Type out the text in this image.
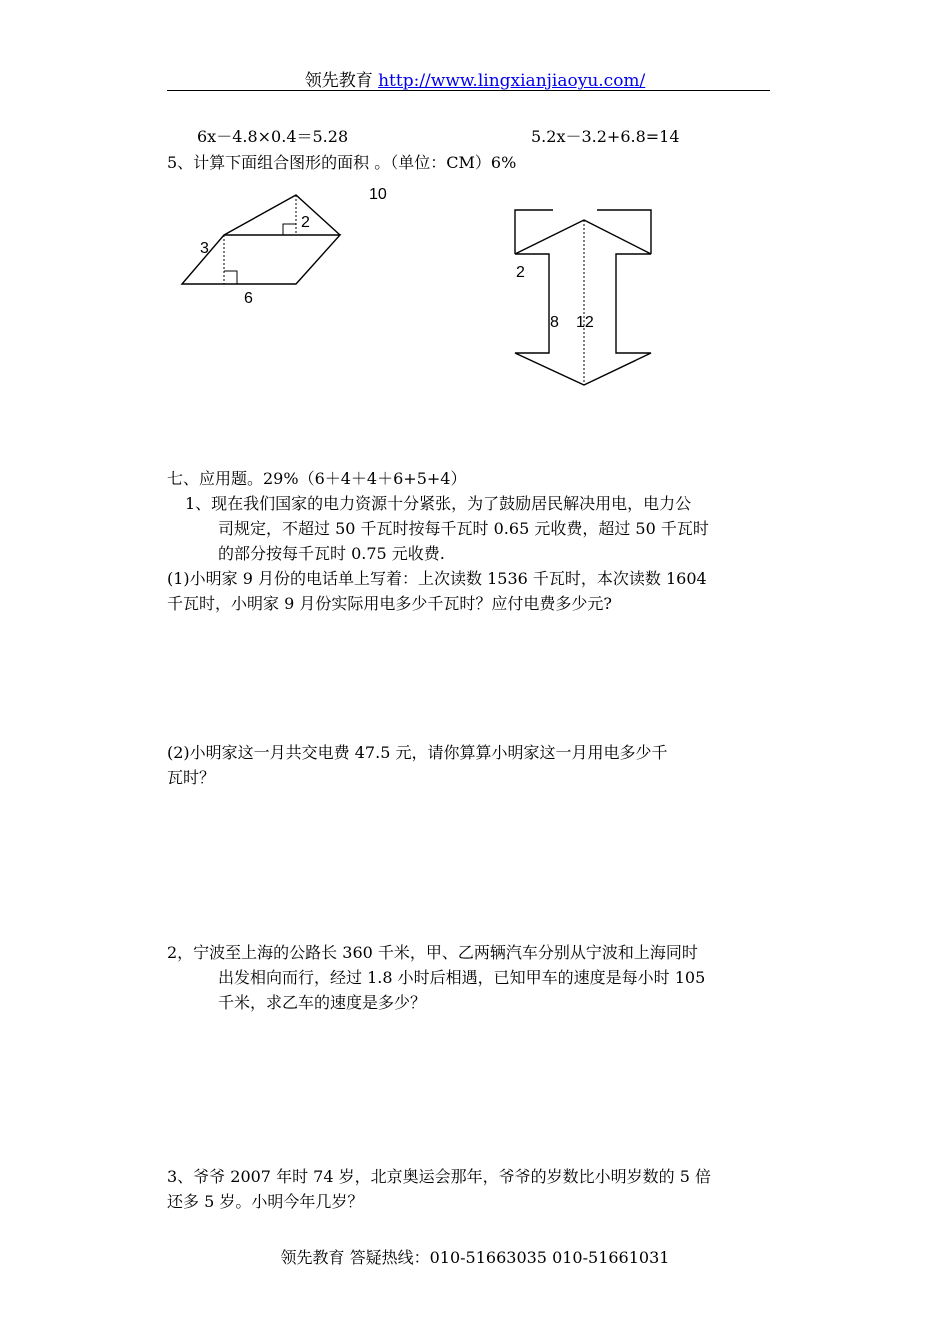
领先教育 http://www.lingxianjiaoyu.com/
6x－4.8×0.4＝5.28	5.2x－3.2+6.8=14
5、计算下面组合图形的面积 。（单位：CM）6%
2
3
6
10
2
8 12
七、应用题。29%（6＋4＋4＋6+5+4）
1、现在我们国家的电力资源十分紧张，为了鼓励居民解决用电，电力公
司规定，不超过 50 千瓦时按每千瓦时 0.65 元收费，超过 50 千瓦时
的部分按每千瓦时 0.75 元收费.
(1)小明家 9 月份的电话单上写着：上次读数 1536 千瓦时，本次读数 1604
千瓦时，小明家 9 月份实际用电多少千瓦时？应付电费多少元?
(2)小明家这一月共交电费 47.5 元，请你算算小明家这一月用电多少千
瓦时？
2，宁波至上海的公路长 360 千米，甲、乙两辆汽车分别从宁波和上海同时
出发相向而行，经过 1.8 小时后相遇，已知甲车的速度是每小时 105
千米，求乙车的速度是多少？
3、爷爷 2007 年时 74 岁，北京奥运会那年，爷爷的岁数比小明岁数的 5 倍
还多 5 岁。小明今年几岁？
领先教育 答疑热线：010-51663035 010-51661031
